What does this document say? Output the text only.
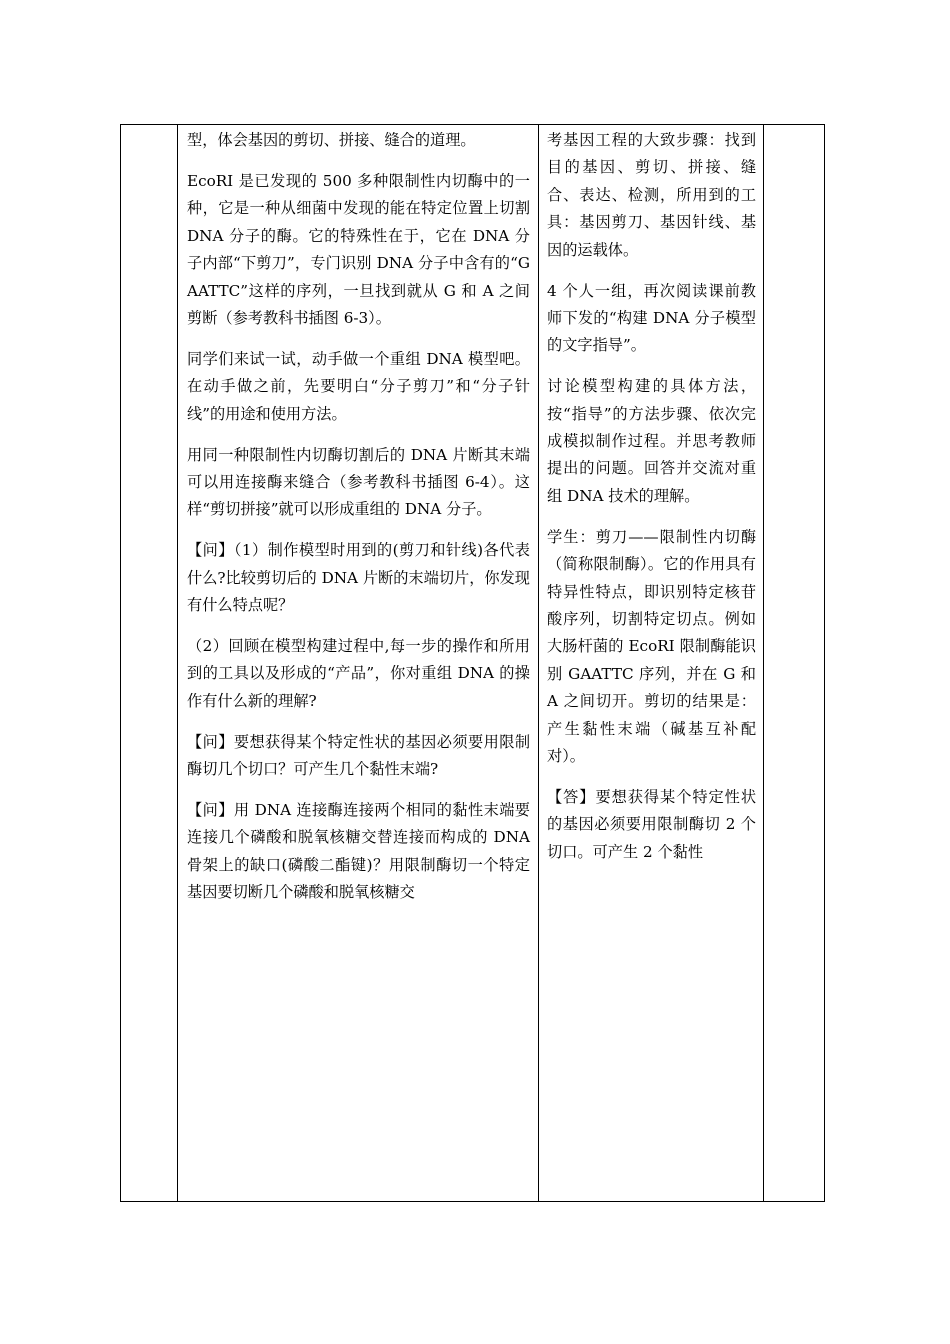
型，体会基因的剪切、拼接、缝合的道理。

EcoRI 是已发现的 500 多种限制性内切酶中的一种，它是一种从细菌中发现的能在特定位置上切割 DNA 分子的酶。它的特殊性在于，它在 DNA 分子内部“下剪刀”，专门识别 DNA 分子中含有的“GAATTC”这样的序列，一旦找到就从 G 和 A 之间剪断（参考教科书插图 6-3）。

同学们来试一试，动手做一个重组 DNA 模型吧。在动手做之前，先要明白“分子剪刀”和“分子针线”的用途和使用方法。

用同一种限制性内切酶切割后的 DNA 片断其末端可以用连接酶来缝合（参考教科书插图 6-4）。这样“剪切拼接”就可以形成重组的 DNA 分子。

【问】（1）制作模型时用到的(剪刀和针线)各代表什么?比较剪切后的 DNA 片断的末端切片，你发现有什么特点呢？

（2）回顾在模型构建过程中,每一步的操作和所用到的工具以及形成的“产品”，你对重组 DNA 的操作有什么新的理解?

【问】要想获得某个特定性状的基因必须要用限制酶切几个切口？可产生几个黏性末端?

【问】用 DNA 连接酶连接两个相同的黏性末端要连接几个磷酸和脱氧核糖交替连接而构成的 DNA 骨架上的缺口(磷酸二酯键)？用限制酶切一个特定基因要切断几个磷酸和脱氧核糖交

考基因工程的大致步骤：找到目的基因、剪切、拼接、缝合、表达、检测，所用到的工具：基因剪刀、基因针线、基因的运载体。

4 个人一组，再次阅读课前教师下发的“构建 DNA 分子模型的文字指导”。

讨论模型构建的具体方法，按“指导”的方法步骤、依次完成模拟制作过程。并思考教师提出的问题。回答并交流对重组 DNA 技术的理解。

学生：剪刀——限制性内切酶（简称限制酶）。它的作用具有特异性特点，即识别特定核苷酸序列，切割特定切点。例如大肠杆菌的 EcoRI 限制酶能识别 GAATTC 序列，并在 G 和 A 之间切开。剪切的结果是：产生黏性末端（碱基互补配对）。

【答】要想获得某个特定性状的基因必须要用限制酶切 2 个切口。可产生 2 个黏性
